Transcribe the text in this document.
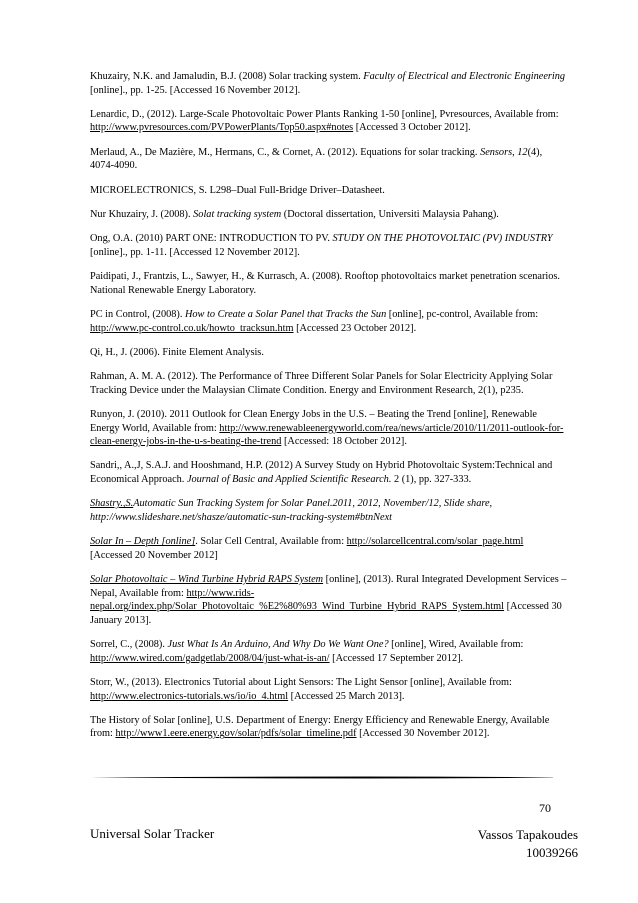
Khuzairy, N.K. and Jamaludin, B.J. (2008) Solar tracking system. Faculty of Electrical and Electronic Engineering [online]., pp. 1-25. [Accessed 16 November 2012].

Lenardic, D., (2012). Large-Scale Photovoltaic Power Plants Ranking 1-50 [online], Pvresources, Available from: http://www.pvresources.com/PVPowerPlants/Top50.aspx#notes [Accessed 3 October 2012].

Merlaud, A., De Mazière, M., Hermans, C., & Cornet, A. (2012). Equations for solar tracking. Sensors, 12(4), 4074-4090.

MICROELECTRONICS, S. L298–Dual Full-Bridge Driver–Datasheet.

Nur Khuzairy, J. (2008). Solat tracking system (Doctoral dissertation, Universiti Malaysia Pahang).

Ong, O.A. (2010) PART ONE: INTRODUCTION TO PV. STUDY ON THE PHOTOVOLTAIC (PV) INDUSTRY [online]., pp. 1-11. [Accessed 12 November 2012].

Paidipati, J., Frantzis, L., Sawyer, H., & Kurrasch, A. (2008). Rooftop photovoltaics market penetration scenarios. National Renewable Energy Laboratory.

PC in Control, (2008). How to Create a Solar Panel that Tracks the Sun [online], pc-control, Available from: http://www.pc-control.co.uk/howto_tracksun.htm [Accessed 23 October 2012].

Qi, H., J. (2006). Finite Element Analysis.

Rahman, A. M. A. (2012). The Performance of Three Different Solar Panels for Solar Electricity Applying Solar Tracking Device under the Malaysian Climate Condition. Energy and Environment Research, 2(1), p235.

Runyon, J. (2010). 2011 Outlook for Clean Energy Jobs in the U.S. – Beating the Trend [online], Renewable Energy World, Available from: http://www.renewableenergyworld.com/rea/news/article/2010/11/2011-outlook-for-clean-energy-jobs-in-the-u-s-beating-the-trend [Accessed: 18 October 2012].

Sandri,, A.,J, S.A.J. and Hooshmand, H.P. (2012) A Survey Study on Hybrid Photovoltaic System:Technical and Economical Approach. Journal of Basic and Applied Scientific Research. 2 (1), pp. 327-333.

Shastry.,S.Automatic Sun Tracking System for Solar Panel.2011, 2012, November/12, Slide share, http://www.slideshare.net/shasze/automatic-sun-tracking-system#btnNext

Solar In – Depth [online]. Solar Cell Central, Available from: http://solarcellcentral.com/solar_page.html [Accessed 20 November 2012]

Solar Photovoltaic – Wind Turbine Hybrid RAPS System [online], (2013). Rural Integrated Development Services – Nepal, Available from: http://www.rids-nepal.org/index.php/Solar_Photovoltaic_%E2%80%93_Wind_Turbine_Hybrid_RAPS_System.html [Accessed 30 January 2013].

Sorrel, C., (2008). Just What Is An Arduino, And Why Do We Want One? [online], Wired, Available from: http://www.wired.com/gadgetlab/2008/04/just-what-is-an/ [Accessed 17 September 2012].

Storr, W., (2013). Electronics Tutorial about Light Sensors: The Light Sensor [online], Available from: http://www.electronics-tutorials.ws/io/io_4.html [Accessed 25 March 2013].

The History of Solar [online], U.S. Department of Energy: Energy Efficiency and Renewable Energy, Available from: http://www1.eere.energy.gov/solar/pdfs/solar_timeline.pdf [Accessed 30 November 2012].

70
Universal Solar Tracker	Vassos Tapakoudes
10039266
